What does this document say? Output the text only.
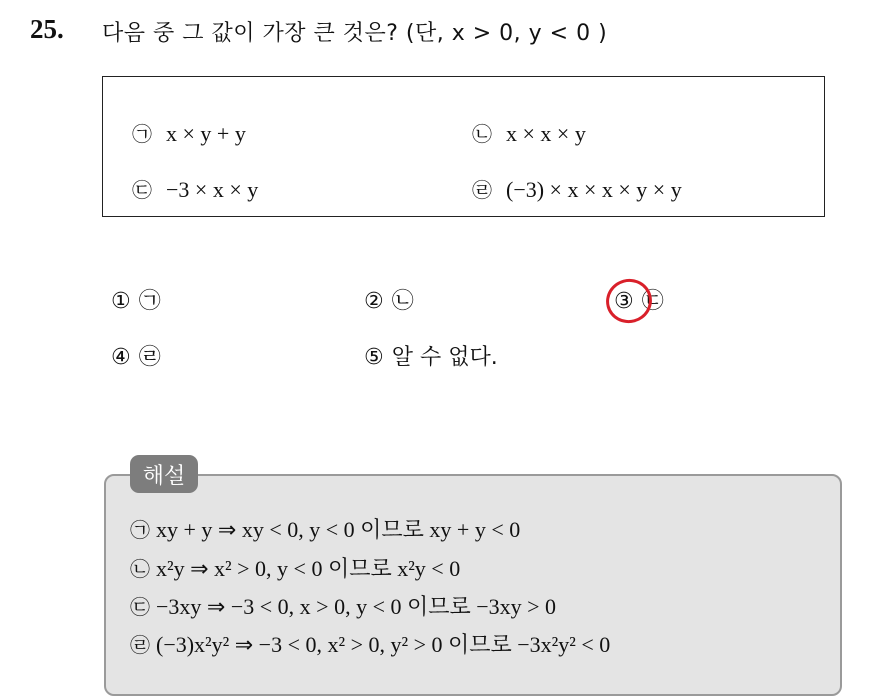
25. 다음 중 그 값이 가장 큰 것은? (단, x > 0, y < 0 )
㉠ x × y + y	㉡ x × x × y
㉢ −3 × x × y	㉣ (−3) × x × x × y × y
① ㉠	② ㉡	③ ㉢
④ ㉣	⑤ 알 수 없다.
해설
㉠ xy + y ⇒ xy < 0, y < 0 이므로 xy + y < 0
㉡ x²y ⇒ x² > 0, y < 0 이므로 x²y < 0
㉢ −3xy ⇒ −3 < 0, x > 0, y < 0 이므로 −3xy > 0
㉣ (−3)x²y² ⇒ −3 < 0, x² > 0, y² > 0 이므로 −3x²y² < 0
